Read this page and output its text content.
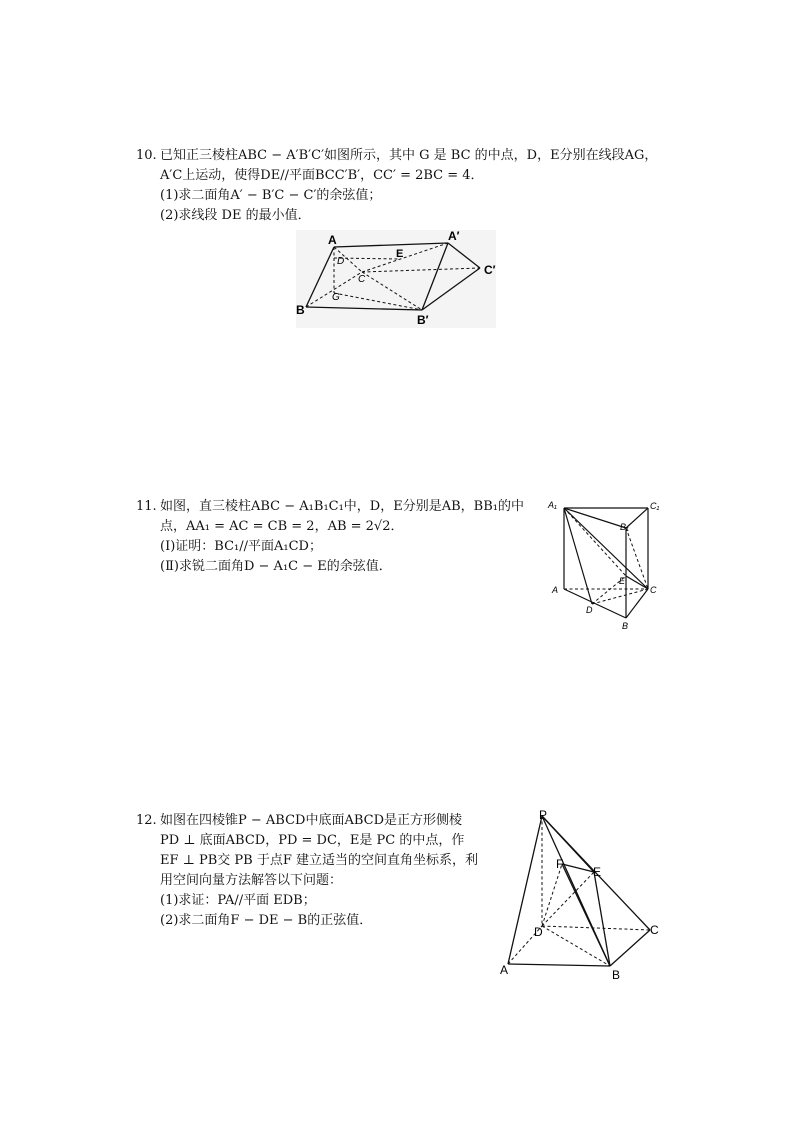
10. 已知正三棱柱ABC − A′B′C′如图所示，其中 G 是 BC 的中点，D，E分别在线段AG，
A′C上运动，使得DE//平面BCC′B′，CC′ = 2BC = 4．
(1)求二面角A′ − B′C − C′的余弦值；
(2)求线段 DE 的最小值．
A	A′
C′
B
B′
E
D
C
G
11. 如图，直三棱柱ABC − A₁B₁C₁中，D，E分别是AB，BB₁的中
点，AA₁ = AC = CB = 2，AB = 2√2．
(Ⅰ)证明：BC₁//平面A₁CD；
(Ⅱ)求锐二面角D − A₁C − E的余弦值．
A₁	C₁
B₁
A	C
B
D
E
12. 如图在四棱锥P − ABCD中底面ABCD是正方形侧棱
PD ⊥ 底面ABCD，PD = DC，E是 PC 的中点，作
EF ⊥ PB交 PB 于点F 建立适当的空间直角坐标系，利
用空间向量方法解答以下问题：
(1)求证：PA//平面 EDB；
(2)求二面角F − DE − B的正弦值．
P
F
E
D	C
A	B
